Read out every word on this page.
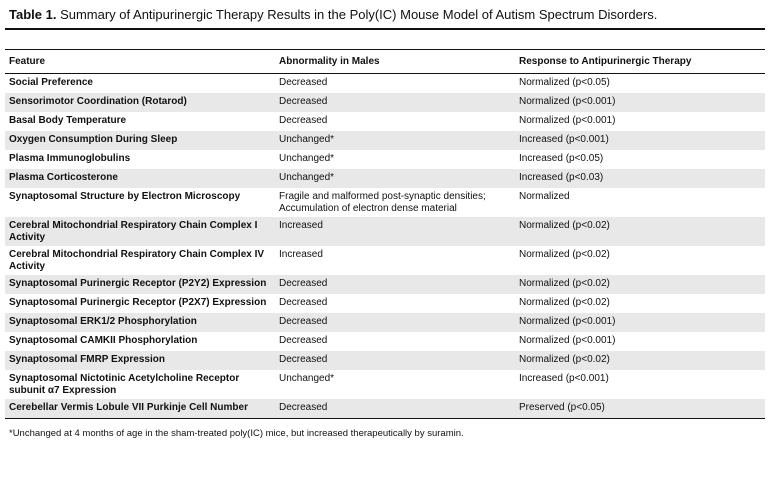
Table 1. Summary of Antipurinergic Therapy Results in the Poly(IC) Mouse Model of Autism Spectrum Disorders.
Feature	Abnormality in Males	Response to Antipurinergic Therapy
Social Preference	Decreased	Normalized (p<0.05)
Sensorimotor Coordination (Rotarod)	Decreased	Normalized (p<0.001)
Basal Body Temperature	Decreased	Normalized (p<0.001)
Oxygen Consumption During Sleep	Unchanged*	Increased (p<0.001)
Plasma Immunoglobulins	Unchanged*	Increased (p<0.05)
Plasma Corticosterone	Unchanged*	Increased (p<0.03)
Synaptosomal Structure by Electron Microscopy	Fragile and malformed post-synaptic densities; Accumulation of electron dense material	Normalized
Cerebral Mitochondrial Respiratory Chain Complex I Activity	Increased	Normalized (p<0.02)
Cerebral Mitochondrial Respiratory Chain Complex IV Activity	Increased	Normalized (p<0.02)
Synaptosomal Purinergic Receptor (P2Y2) Expression	Decreased	Normalized (p<0.02)
Synaptosomal Purinergic Receptor (P2X7) Expression	Decreased	Normalized (p<0.02)
Synaptosomal ERK1/2 Phosphorylation	Decreased	Normalized (p<0.001)
Synaptosomal CAMKII Phosphorylation	Decreased	Normalized (p<0.001)
Synaptosomal FMRP Expression	Decreased	Normalized (p<0.02)
Synaptosomal Nictotinic Acetylcholine Receptor subunit α7 Expression	Unchanged*	Increased (p<0.001)
Cerebellar Vermis Lobule VII Purkinje Cell Number	Decreased	Preserved (p<0.05)
*Unchanged at 4 months of age in the sham-treated poly(IC) mice, but increased therapeutically by suramin.
